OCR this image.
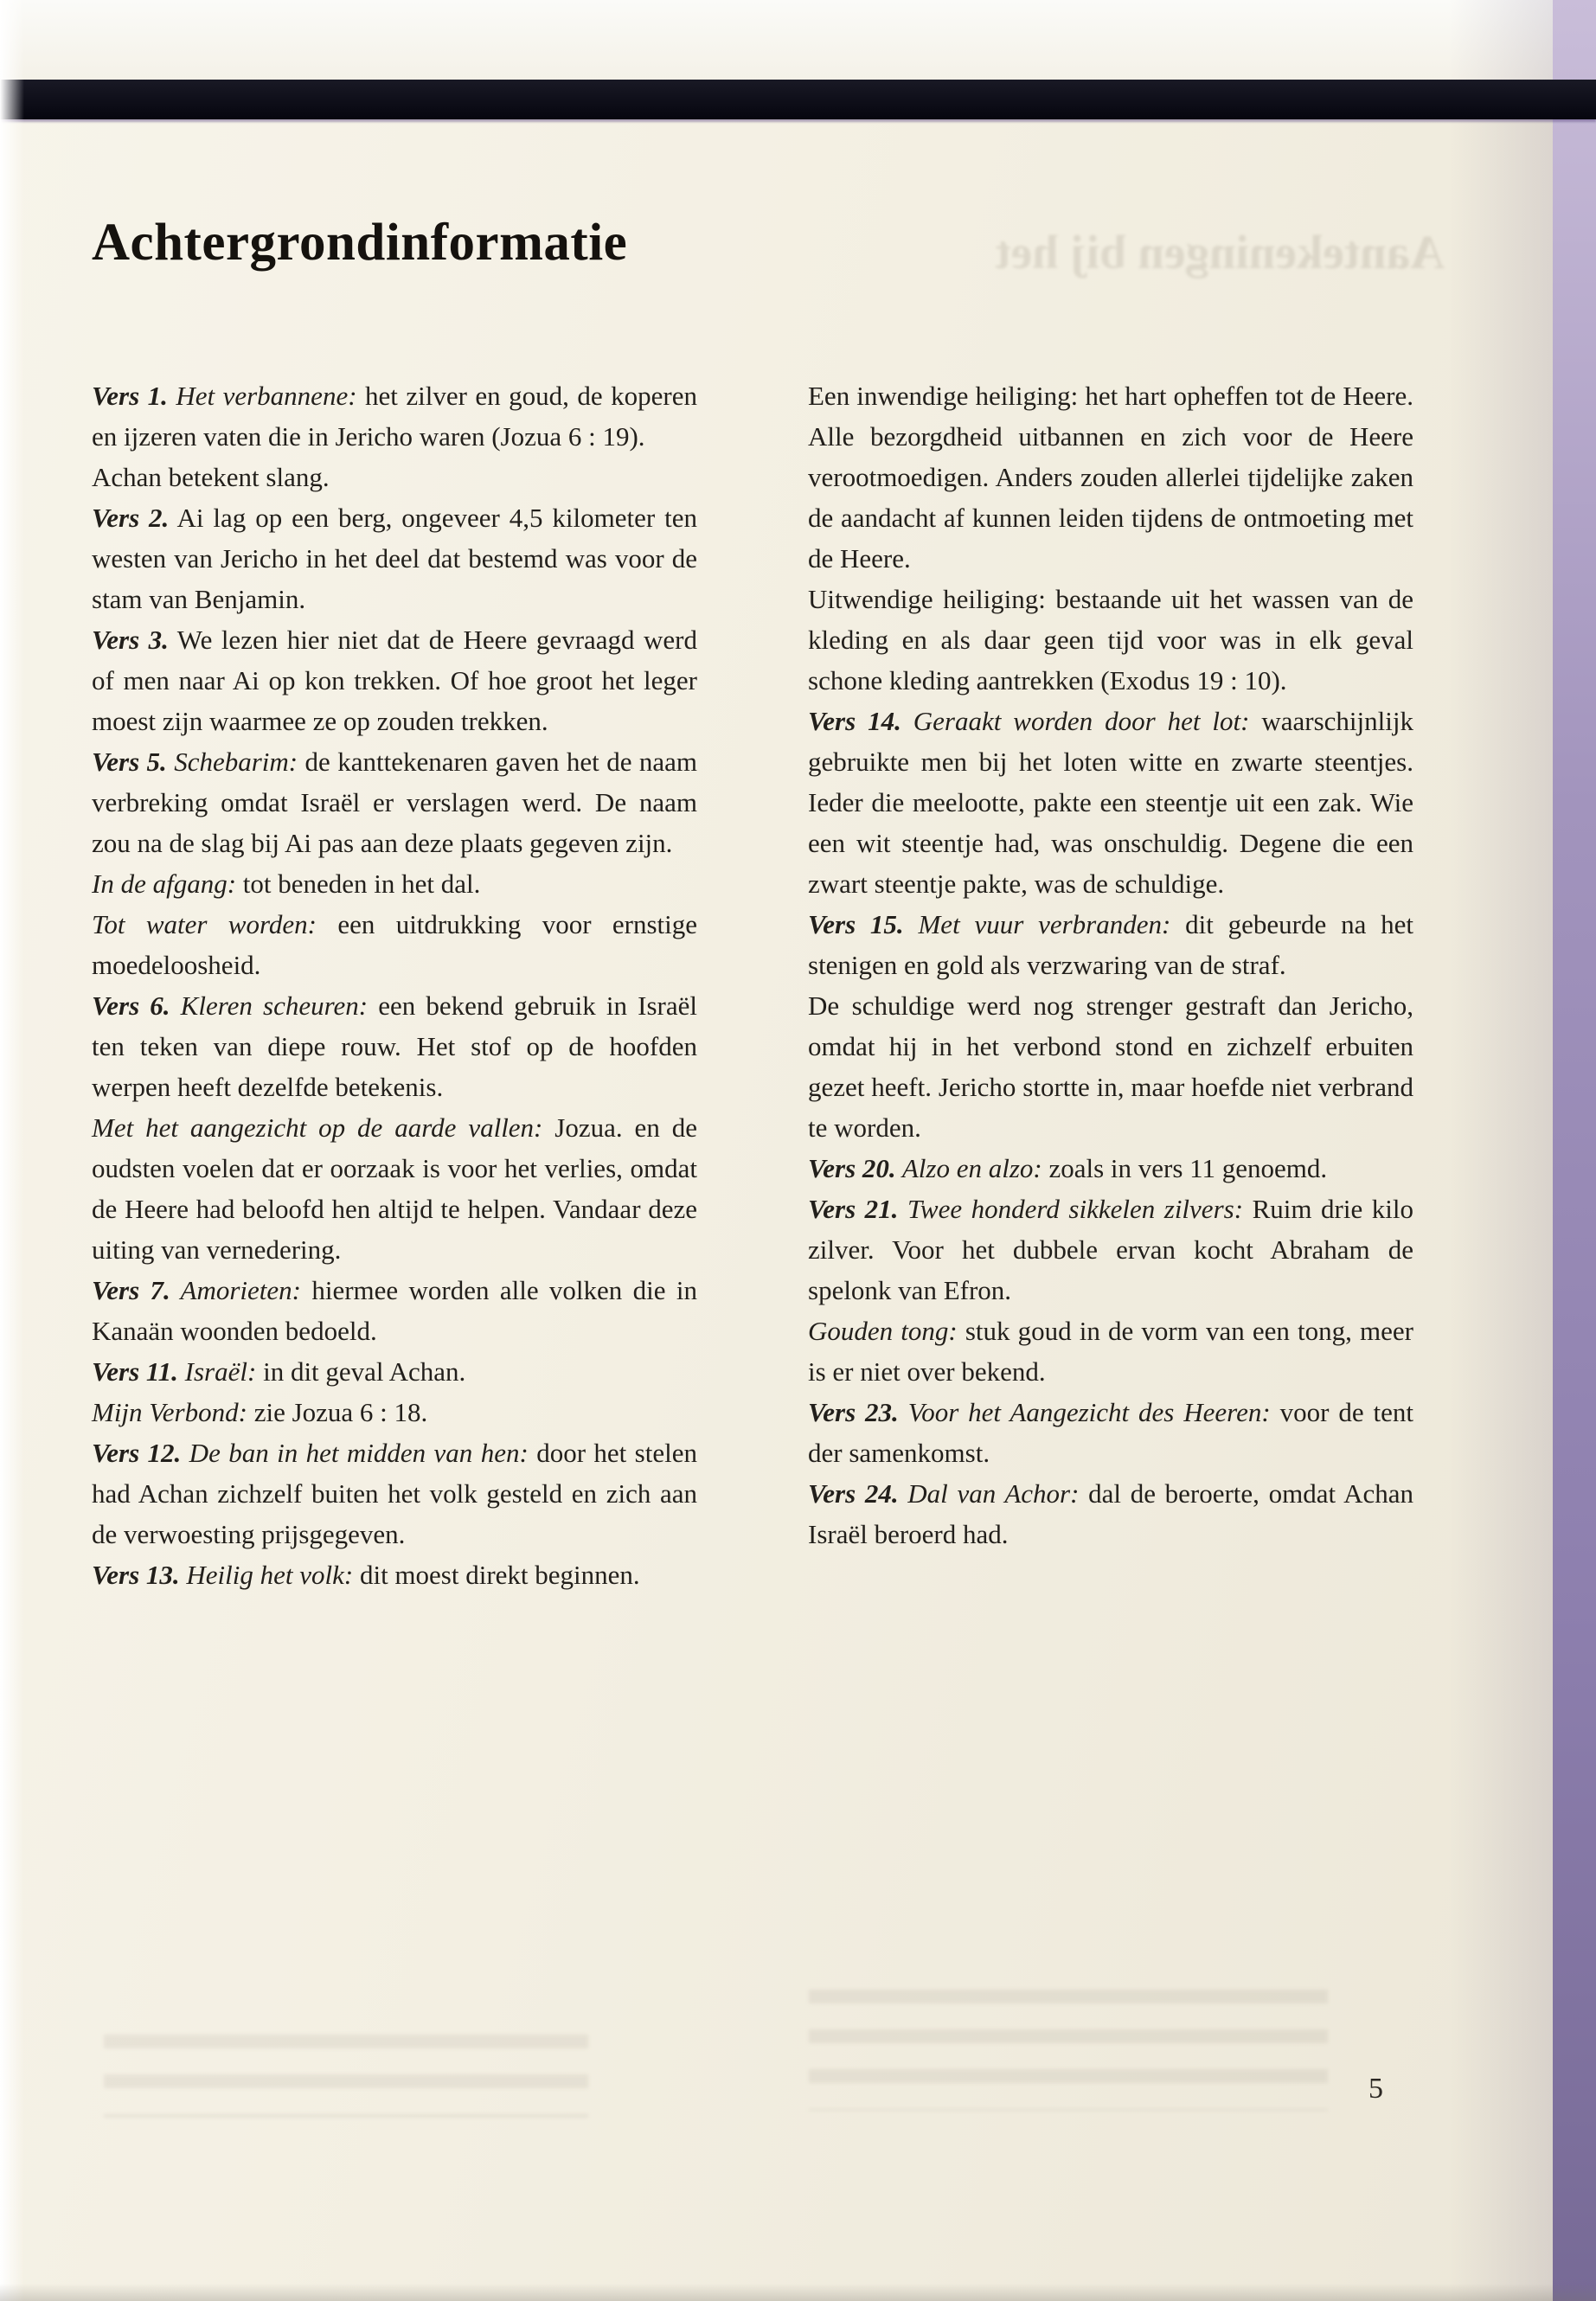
Aantekeningen bij het
Achtergrondinformatie

Vers 1. Het verbannene: het zilver en goud, de koperen en ijzeren vaten die in Jericho waren (Jozua 6 : 19).

Achan betekent slang.

Vers 2. Ai lag op een berg, ongeveer 4,5 kilometer ten westen van Jericho in het deel dat bestemd was voor de stam van Benjamin.

Vers 3. We lezen hier niet dat de Heere gevraagd werd of men naar Ai op kon trekken. Of hoe groot het leger moest zijn waarmee ze op zouden trekken.

Vers 5. Schebarim: de kanttekenaren gaven het de naam verbreking omdat Israël er verslagen werd. De naam zou na de slag bij Ai pas aan deze plaats gegeven zijn.

In de afgang: tot beneden in het dal.

Tot water worden: een uitdrukking voor ernstige moedeloosheid.

Vers 6. Kleren scheuren: een bekend gebruik in Israël ten teken van diepe rouw. Het stof op de hoofden werpen heeft dezelfde betekenis.

Met het aangezicht op de aarde vallen: Jozua. en de oudsten voelen dat er oorzaak is voor het verlies, omdat de Heere had beloofd hen altijd te helpen. Vandaar deze uiting van vernedering.

Vers 7. Amorieten: hiermee worden alle volken die in Kanaän woonden bedoeld.

Vers 11. Israël: in dit geval Achan.

Mijn Verbond: zie Jozua 6 : 18.

Vers 12. De ban in het midden van hen: door het stelen had Achan zichzelf buiten het volk gesteld en zich aan de verwoesting prijsgegeven.

Vers 13. Heilig het volk: dit moest direkt beginnen.

Een inwendige heiliging: het hart opheffen tot de Heere. Alle bezorgdheid uitbannen en zich voor de Heere verootmoedigen. Anders zouden allerlei tijdelijke zaken de aandacht af kunnen leiden tijdens de ontmoeting met de Heere.

Uitwendige heiliging: bestaande uit het wassen van de kleding en als daar geen tijd voor was in elk geval schone kleding aantrekken (Exodus 19 : 10).

Vers 14. Geraakt worden door het lot: waarschijnlijk gebruikte men bij het loten witte en zwarte steentjes. Ieder die meelootte, pakte een steentje uit een zak. Wie een wit steentje had, was onschuldig. Degene die een zwart steentje pakte, was de schuldige.

Vers 15. Met vuur verbranden: dit gebeurde na het stenigen en gold als verzwaring van de straf.

De schuldige werd nog strenger gestraft dan Jericho, omdat hij in het verbond stond en zichzelf erbuiten gezet heeft. Jericho stortte in, maar hoefde niet verbrand te worden.

Vers 20. Alzo en alzo: zoals in vers 11 genoemd.

Vers 21. Twee honderd sikkelen zilvers: Ruim drie kilo zilver. Voor het dubbele ervan kocht Abraham de spelonk van Efron.

Gouden tong: stuk goud in de vorm van een tong, meer is er niet over bekend.

Vers 23. Voor het Aangezicht des Heeren: voor de tent der samenkomst.

Vers 24. Dal van Achor: dal de beroerte, omdat Achan Israël beroerd had.

5
